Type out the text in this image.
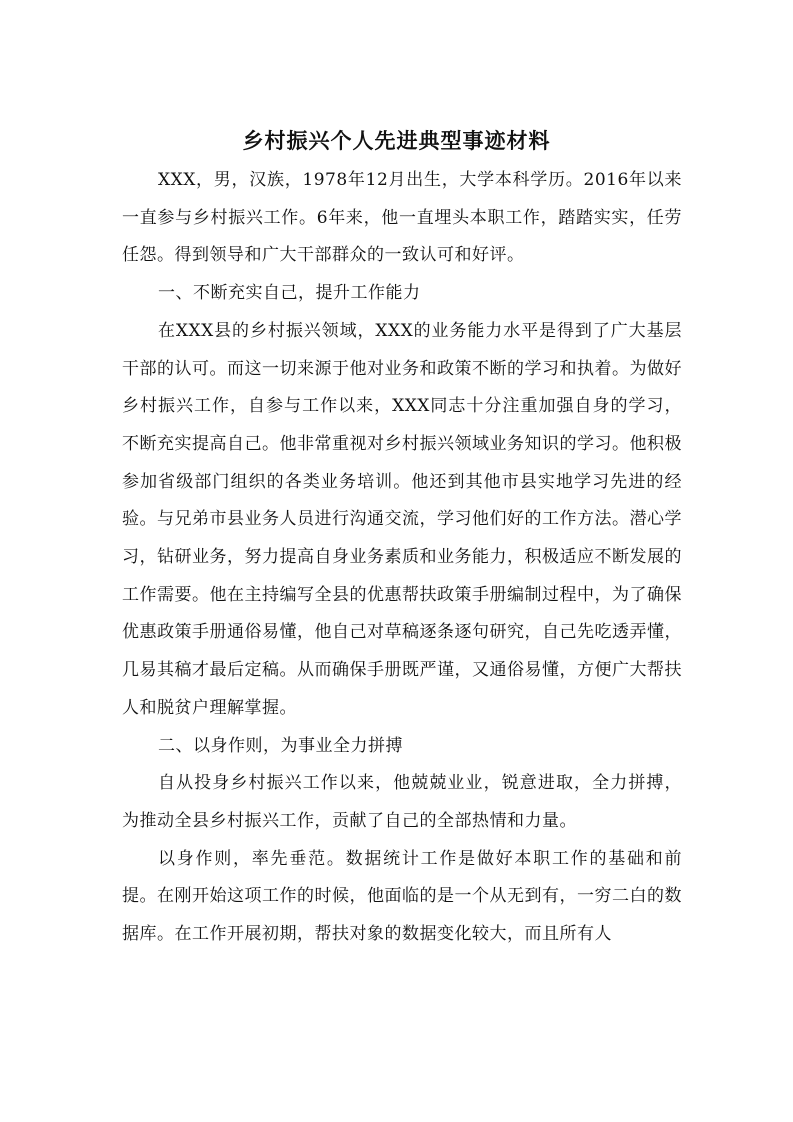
乡村振兴个人先进典型事迹材料

XXX，男，汉族，1978年12月出生，大学本科学历。2016年以来一直参与乡村振兴工作。6年来，他一直埋头本职工作，踏踏实实，任劳任怨。得到领导和广大干部群众的一致认可和好评。

一、不断充实自己，提升工作能力

在XXX县的乡村振兴领域，XXX的业务能力水平是得到了广大基层干部的认可。而这一切来源于他对业务和政策不断的学习和执着。为做好乡村振兴工作，自参与工作以来，XXX同志十分注重加强自身的学习，不断充实提高自己。他非常重视对乡村振兴领域业务知识的学习。他积极参加省级部门组织的各类业务培训。他还到其他市县实地学习先进的经验。与兄弟市县业务人员进行沟通交流，学习他们好的工作方法。潜心学习，钻研业务，努力提高自身业务素质和业务能力，积极适应不断发展的工作需要。他在主持编写全县的优惠帮扶政策手册编制过程中，为了确保优惠政策手册通俗易懂，他自己对草稿逐条逐句研究，自己先吃透弄懂，几易其稿才最后定稿。从而确保手册既严谨，又通俗易懂，方便广大帮扶人和脱贫户理解掌握。

二、以身作则，为事业全力拼搏

自从投身乡村振兴工作以来，他兢兢业业，锐意进取，全力拼搏，为推动全县乡村振兴工作，贡献了自己的全部热情和力量。

以身作则，率先垂范。数据统计工作是做好本职工作的基础和前提。在刚开始这项工作的时候，他面临的是一个从无到有，一穷二白的数据库。在工作开展初期，帮扶对象的数据变化较大，而且所有人
